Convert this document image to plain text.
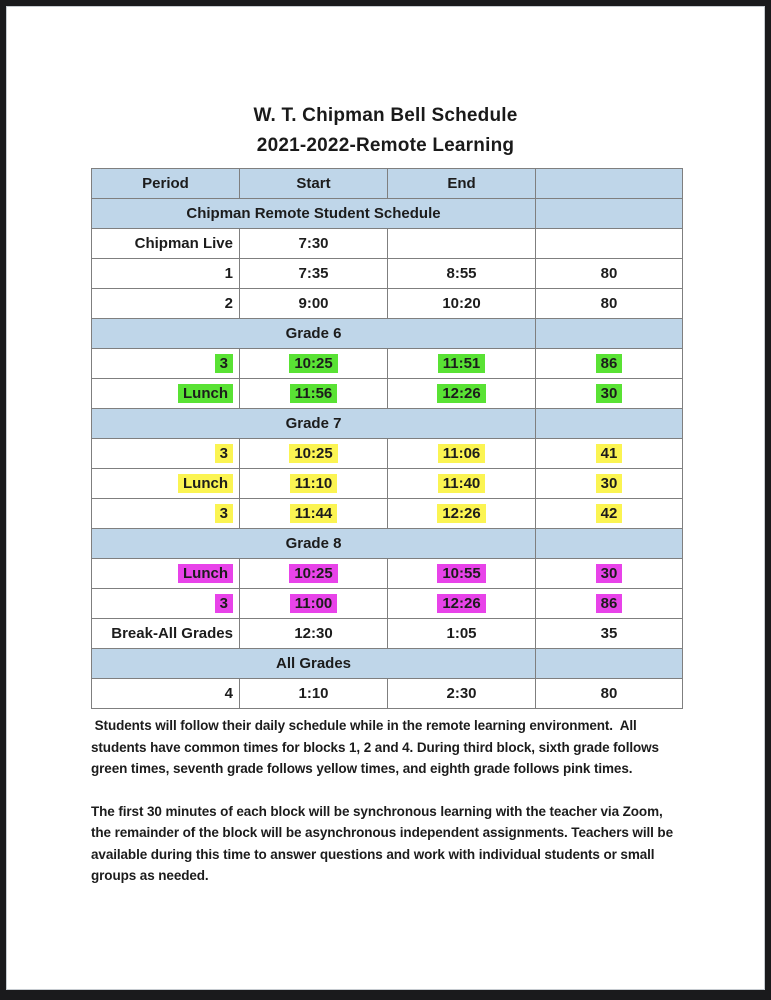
W. T. Chipman Bell Schedule
2021-2022-Remote Learning
Period	Start	End	
Chipman Remote Student Schedule			
Chipman Live	7:30		
1	7:35	8:55	80
2	9:00	10:20	80
Grade 6			
3	10:25	11:51	86
Lunch	11:56	12:26	30
Grade 7			
3	10:25	11:06	41
Lunch	11:10	11:40	30
3	11:44	12:26	42
Grade 8			
Lunch	10:25	10:55	30
3	11:00	12:26	86
Break-All Grades	12:30	1:05	35
All Grades			
4	1:10	2:30	80

Students will follow their daily schedule while in the remote learning environment.  All students have common times for blocks 1, 2 and 4. During third block, sixth grade follows green times, seventh grade follows yellow times, and eighth grade follows pink times.

The first 30 minutes of each block will be synchronous learning with the teacher via Zoom, the remainder of the block will be asynchronous independent assignments. Teachers will be available during this time to answer questions and work with individual students or small groups as needed.
